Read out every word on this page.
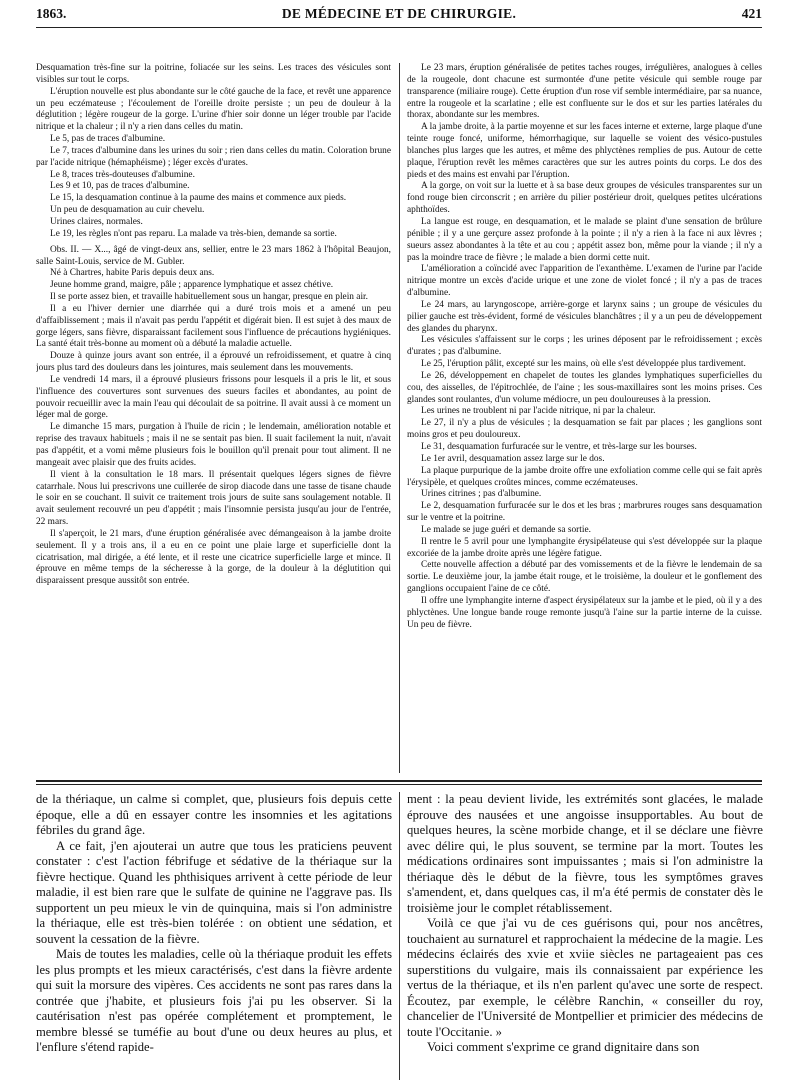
1863.	DE MÉDECINE ET DE CHIRURGIE.	421

Desquamation très-fine sur la poitrine, foliacée sur les seins. Les traces des vésicules sont visibles sur tout le corps.

L'éruption nouvelle est plus abondante sur le côté gauche de la face, et revêt une apparence un peu eczémateuse ; l'écoulement de l'oreille droite persiste ; un peu de douleur à la déglutition ; légère rougeur de la gorge. L'urine d'hier soir donne un léger trouble par l'acide nitrique et la chaleur ; il n'y a rien dans celles du matin.

Le 5, pas de traces d'albumine.

Le 7, traces d'albumine dans les urines du soir ; rien dans celles du matin. Coloration brune par l'acide nitrique (hémaphéisme) ; léger excès d'urates.

Le 8, traces très-douteuses d'albumine.

Les 9 et 10, pas de traces d'albumine.

Le 15, la desquamation continue à la paume des mains et commence aux pieds.

Un peu de desquamation au cuir chevelu.

Urines claires, normales.

Le 19, les règles n'ont pas reparu. La malade va très-bien, demande sa sortie.

Obs. II. — X..., âgé de vingt-deux ans, sellier, entre le 23 mars 1862 à l'hôpital Beaujon, salle Saint-Louis, service de M. Gubler.

Né à Chartres, habite Paris depuis deux ans.

Jeune homme grand, maigre, pâle ; apparence lymphatique et assez chétive.

Il se porte assez bien, et travaille habituellement sous un hangar, presque en plein air.

Il a eu l'hiver dernier une diarrhée qui a duré trois mois et a amené un peu d'affaiblissement ; mais il n'avait pas perdu l'appétit et digérait bien. Il est sujet à des maux de gorge légers, sans fièvre, disparaissant facilement sous l'influence de précautions hygiéniques. La santé était très-bonne au moment où a débuté la maladie actuelle.

Douze à quinze jours avant son entrée, il a éprouvé un refroidissement, et quatre à cinq jours plus tard des douleurs dans les jointures, mais seulement dans les mouvements.

Le vendredi 14 mars, il a éprouvé plusieurs frissons pour lesquels il a pris le lit, et sous l'influence des couvertures sont survenues des sueurs faciles et abondantes, au point de pouvoir recueillir avec la main l'eau qui découlait de sa poitrine. Il avait aussi à ce moment un léger mal de gorge.

Le dimanche 15 mars, purgation à l'huile de ricin ; le lendemain, amélioration notable et reprise des travaux habituels ; mais il ne se sentait pas bien. Il suait facilement la nuit, n'avait pas d'appétit, et a vomi même plusieurs fois le bouillon qu'il prenait pour tout aliment. Il ne mangeait avec plaisir que des fruits acides.

Il vient à la consultation le 18 mars. Il présentait quelques légers signes de fièvre catarrhale. Nous lui prescrivons une cuillerée de sirop diacode dans une tasse de tisane chaude le soir en se couchant. Il suivit ce traitement trois jours de suite sans soulagement notable. Il avait seulement recouvré un peu d'appétit ; mais l'insomnie persista jusqu'au jour de l'entrée, 22 mars.

Il s'aperçoit, le 21 mars, d'une éruption généralisée avec démangeaison à la jambe droite seulement. Il y a trois ans, il a eu en ce point une plaie large et superficielle dont la cicatrisation, mal dirigée, a été lente, et il reste une cicatrice superficielle large et mince. Il éprouve en même temps de la sécheresse à la gorge, de la douleur à la déglutition qui disparaissent presque aussitôt son entrée.

Le 23 mars, éruption généralisée de petites taches rouges, irrégulières, analogues à celles de la rougeole, dont chacune est surmontée d'une petite vésicule qui semble rouge par transparence (miliaire rouge). Cette éruption d'un rose vif semble intermédiaire, par sa nuance, entre la rougeole et la scarlatine ; elle est confluente sur le dos et sur les parties latérales du thorax, abondante sur les membres.

A la jambe droite, à la partie moyenne et sur les faces interne et externe, large plaque d'une teinte rouge foncé, uniforme, hémorrhagique, sur laquelle se voient des vésico-pustules blanches plus larges que les autres, et même des phlyctènes remplies de pus. Autour de cette plaque, l'éruption revêt les mêmes caractères que sur les autres points du corps. Le dos des pieds et des mains est envahi par l'éruption.

A la gorge, on voit sur la luette et à sa base deux groupes de vésicules transparentes sur un fond rouge bien circonscrit ; en arrière du pilier postérieur droit, quelques petites ulcérations aphthoïdes.

La langue est rouge, en desquamation, et le malade se plaint d'une sensation de brûlure pénible ; il y a une gerçure assez profonde à la pointe ; il n'y a rien à la face ni aux lèvres ; sueurs assez abondantes à la tête et au cou ; appétit assez bon, même pour la viande ; il n'y a pas la moindre trace de fièvre ; le malade a bien dormi cette nuit.

L'amélioration a coïncidé avec l'apparition de l'exanthème. L'examen de l'urine par l'acide nitrique montre un excès d'acide urique et une zone de violet foncé ; il n'y a pas de traces d'albumine.

Le 24 mars, au laryngoscope, arrière-gorge et larynx sains ; un groupe de vésicules du pilier gauche est très-évident, formé de vésicules blanchâtres ; il y a un peu de développement des glandes du pharynx.

Les vésicules s'affaissent sur le corps ; les urines déposent par le refroidissement ; excès d'urates ; pas d'albumine.

Le 25, l'éruption pâlit, excepté sur les mains, où elle s'est développée plus tardivement.

Le 26, développement en chapelet de toutes les glandes lymphatiques superficielles du cou, des aisselles, de l'épitrochlée, de l'aine ; les sous-maxillaires sont les moins prises. Ces glandes sont roulantes, d'un volume médiocre, un peu douloureuses à la pression.

Les urines ne troublent ni par l'acide nitrique, ni par la chaleur.

Le 27, il n'y a plus de vésicules ; la desquamation se fait par places ; les ganglions sont moins gros et peu douloureux.

Le 31, desquamation furfuracée sur le ventre, et très-large sur les bourses.

Le 1er avril, desquamation assez large sur le dos.

La plaque purpurique de la jambe droite offre une exfoliation comme celle qui se fait après l'érysipèle, et quelques croûtes minces, comme eczémateuses.

Urines citrines ; pas d'albumine.

Le 2, desquamation furfuracée sur le dos et les bras ; marbrures rouges sans desquamation sur le ventre et la poitrine.

Le malade se juge guéri et demande sa sortie.

Il rentre le 5 avril pour une lymphangite érysipélateuse qui s'est développée sur la plaque excoriée de la jambe droite après une légère fatigue.

Cette nouvelle affection a débuté par des vomissements et de la fièvre le lendemain de sa sortie. Le deuxième jour, la jambe était rouge, et le troisième, la douleur et le gonflement des ganglions occupaient l'aine de ce côté.

Il offre une lymphangite interne d'aspect érysipélateux sur la jambe et le pied, où il y a des phlyctènes. Une longue bande rouge remonte jusqu'à l'aine sur la partie interne de la cuisse. Un peu de fièvre.

de la thériaque, un calme si complet, que, plusieurs fois depuis cette époque, elle a dû en essayer contre les insomnies et les agitations fébriles du grand âge.

A ce fait, j'en ajouterai un autre que tous les praticiens peuvent constater : c'est l'action fébrifuge et sédative de la thériaque sur la fièvre hectique. Quand les phthisiques arrivent à cette période de leur maladie, il est bien rare que le sulfate de quinine ne l'aggrave pas. Ils supportent un peu mieux le vin de quinquina, mais si l'on administre la thériaque, elle est très-bien tolérée : on obtient une sédation, et souvent la cessation de la fièvre.

Mais de toutes les maladies, celle où la thériaque produit les effets les plus prompts et les mieux caractérisés, c'est dans la fièvre ardente qui suit la morsure des vipères. Ces accidents ne sont pas rares dans la contrée que j'habite, et plusieurs fois j'ai pu les observer. Si la cautérisation n'est pas opérée complétement et promptement, le membre blessé se tuméfie au bout d'une ou deux heures au plus, et l'enflure s'étend rapide-

ment : la peau devient livide, les extrémités sont glacées, le malade éprouve des nausées et une angoisse insupportables. Au bout de quelques heures, la scène morbide change, et il se déclare une fièvre avec délire qui, le plus souvent, se termine par la mort. Toutes les médications ordinaires sont impuissantes ; mais si l'on administre la thériaque dès le début de la fièvre, tous les symptômes graves s'amendent, et, dans quelques cas, il m'a été permis de constater dès le troisième jour le complet rétablissement.

Voilà ce que j'ai vu de ces guérisons qui, pour nos ancêtres, touchaient au surnaturel et rapprochaient la médecine de la magie. Les médecins éclairés des xvie et xviie siècles ne partageaient pas ces superstitions du vulgaire, mais ils connaissaient par expérience les vertus de la thériaque, et ils n'en parlent qu'avec une sorte de respect. Écoutez, par exemple, le célèbre Ranchin, « conseiller du roy, chancelier de l'Université de Montpellier et primicier des médecins de toute l'Occitanie. »

Voici comment s'exprime ce grand dignitaire dans son
